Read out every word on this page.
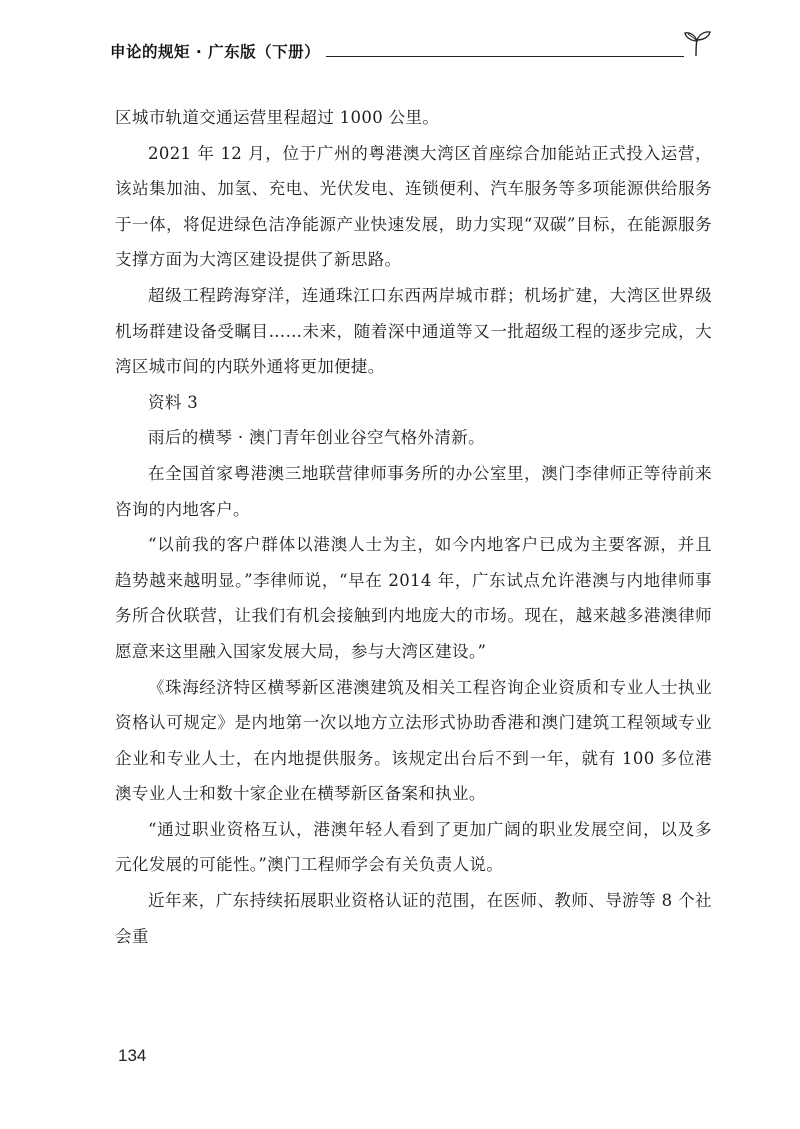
申论的规矩 · 广东版（下册）

区城市轨道交通运营里程超过 1000 公里。

2021 年 12 月，位于广州的粤港澳大湾区首座综合加能站正式投入运营，该站集加油、加氢、充电、光伏发电、连锁便利、汽车服务等多项能源供给服务于一体，将促进绿色洁净能源产业快速发展，助力实现“双碳”目标，在能源服务支撑方面为大湾区建设提供了新思路。

超级工程跨海穿洋，连通珠江口东西两岸城市群；机场扩建，大湾区世界级机场群建设备受瞩目……未来，随着深中通道等又一批超级工程的逐步完成，大湾区城市间的内联外通将更加便捷。

资料 3

雨后的横琴 · 澳门青年创业谷空气格外清新。

在全国首家粤港澳三地联营律师事务所的办公室里，澳门李律师正等待前来咨询的内地客户。

“以前我的客户群体以港澳人士为主，如今内地客户已成为主要客源，并且趋势越来越明显。”李律师说，“早在 2014 年，广东试点允许港澳与内地律师事务所合伙联营，让我们有机会接触到内地庞大的市场。现在，越来越多港澳律师愿意来这里融入国家发展大局，参与大湾区建设。”

《珠海经济特区横琴新区港澳建筑及相关工程咨询企业资质和专业人士执业资格认可规定》是内地第一次以地方立法形式协助香港和澳门建筑工程领域专业企业和专业人士，在内地提供服务。该规定出台后不到一年，就有 100 多位港澳专业人士和数十家企业在横琴新区备案和执业。

“通过职业资格互认，港澳年轻人看到了更加广阔的职业发展空间，以及多元化发展的可能性。”澳门工程师学会有关负责人说。

近年来，广东持续拓展职业资格认证的范围，在医师、教师、导游等 8 个社会重

134
